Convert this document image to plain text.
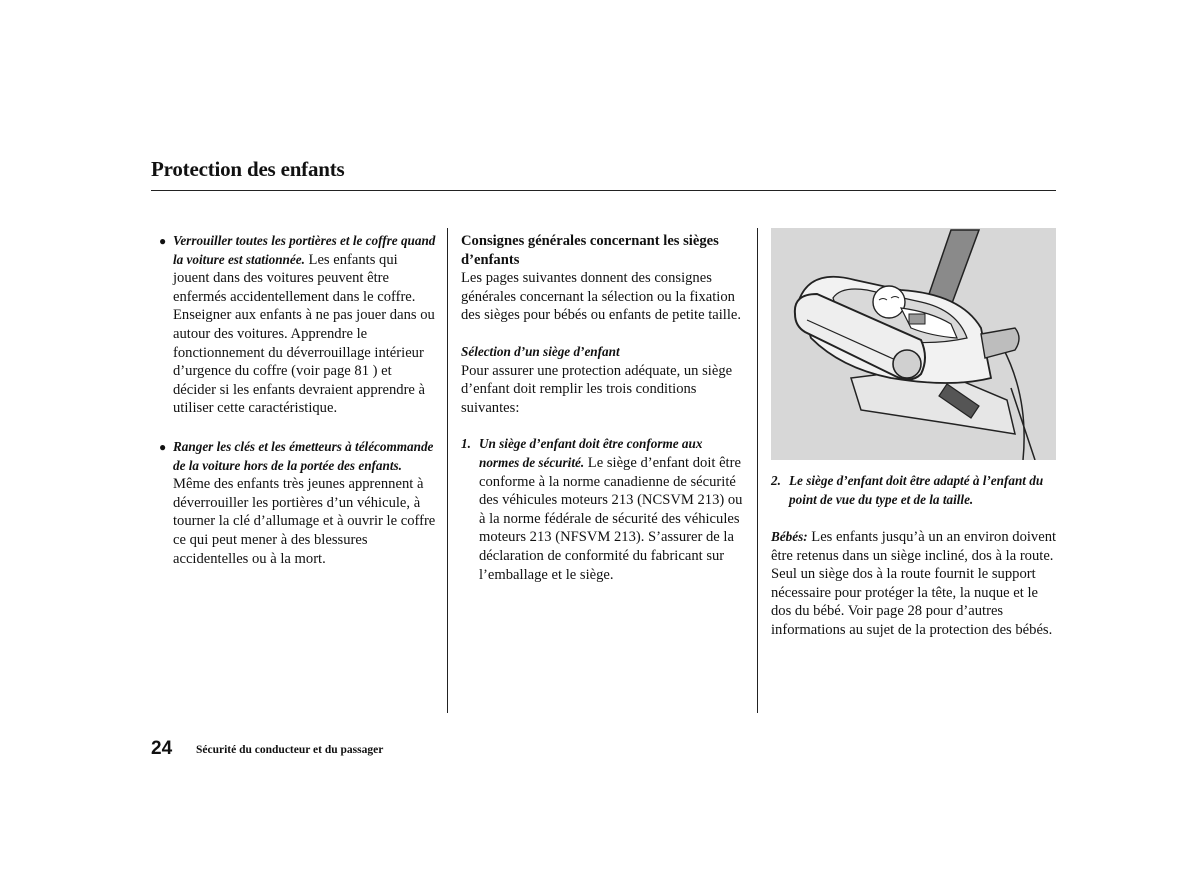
Protection des enfants

● Verrouiller toutes les portières et le coffre quand la voiture est stationnée. Les enfants qui jouent dans des voitures peuvent être enfermés accidentellement dans le coffre. Enseigner aux enfants à ne pas jouer dans ou autour des voitures. Apprendre le fonctionnement du déverrouillage intérieur d’urgence du coffre (voir page 81 ) et décider si les enfants devraient apprendre à utiliser cette caractéristique.

● Ranger les clés et les émetteurs à télécommande de la voiture hors de la portée des enfants. Même des enfants très jeunes apprennent à déverrouiller les portières d’un véhicule, à tourner la clé d’allumage et à ouvrir le coffre ce qui peut mener à des blessures accidentelles ou à la mort.

Consignes générales concernant les sièges d’enfants

Les pages suivantes donnent des consignes générales concernant la sélection ou la fixation des sièges pour bébés ou enfants de petite taille.

Sélection d’un siège d’enfant

Pour assurer une protection adéquate, un siège d’enfant doit remplir les trois conditions suivantes:

1. Un siège d’enfant doit être conforme aux normes de sécurité. Le siège d’enfant doit être conforme à la norme canadienne de sécurité des véhicules moteurs 213 (NCSVM 213) ou à la norme fédérale de sécurité des véhicules moteurs 213 (NFSVM 213). S’assurer de la déclaration de conformité du fabricant sur l’emballage et le siège.

2. Le siège d’enfant doit être adapté à l’enfant du point de vue du type et de la taille.

Bébés: Les enfants jusqu’à un an environ doivent être retenus dans un siège incliné, dos à la route. Seul un siège dos à la route fournit le support nécessaire pour protéger la tête, la nuque et le dos du bébé. Voir page 28 pour d’autres informations au sujet de la protection des bébés.

24 Sécurité du conducteur et du passager
